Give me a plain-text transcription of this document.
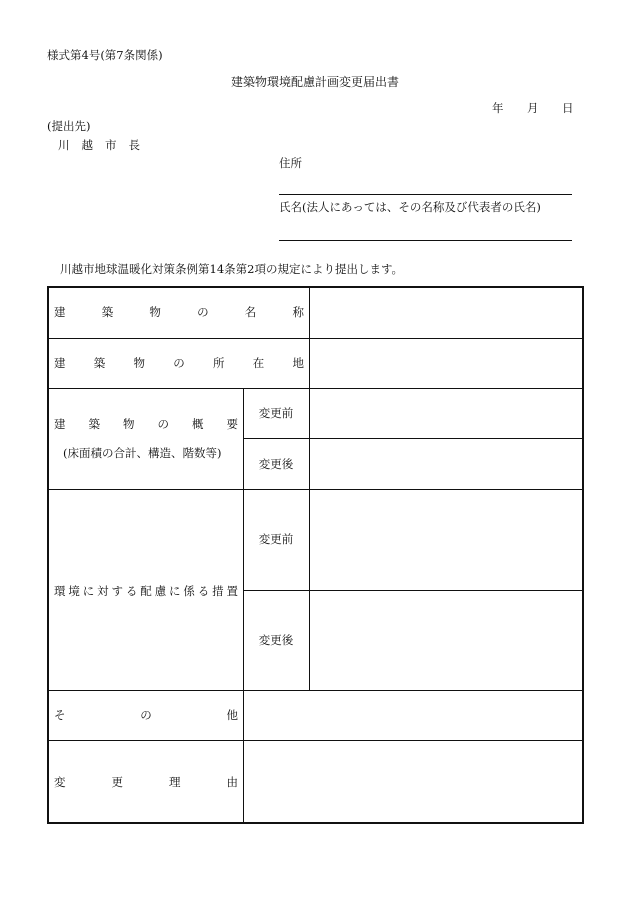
様式第4号(第7条関係)
建築物環境配慮計画変更届出書
年 月 日
(提出先)
川 越 市 長
住所
氏名(法人にあっては、その名称及び代表者の氏名)
川越市地球温暖化対策条例第14条第2項の規定により提出します。
建	築	物	の	名	称
建 築 物 の 所 在 地
建 築 物 の 概 要
(床面積の合計、構造、階数等)
変更前
変更後
環 境 に 対 す る 配 慮 に 係 る 措 置
変更前
変更後
そ	の	他
変	更	理	由
